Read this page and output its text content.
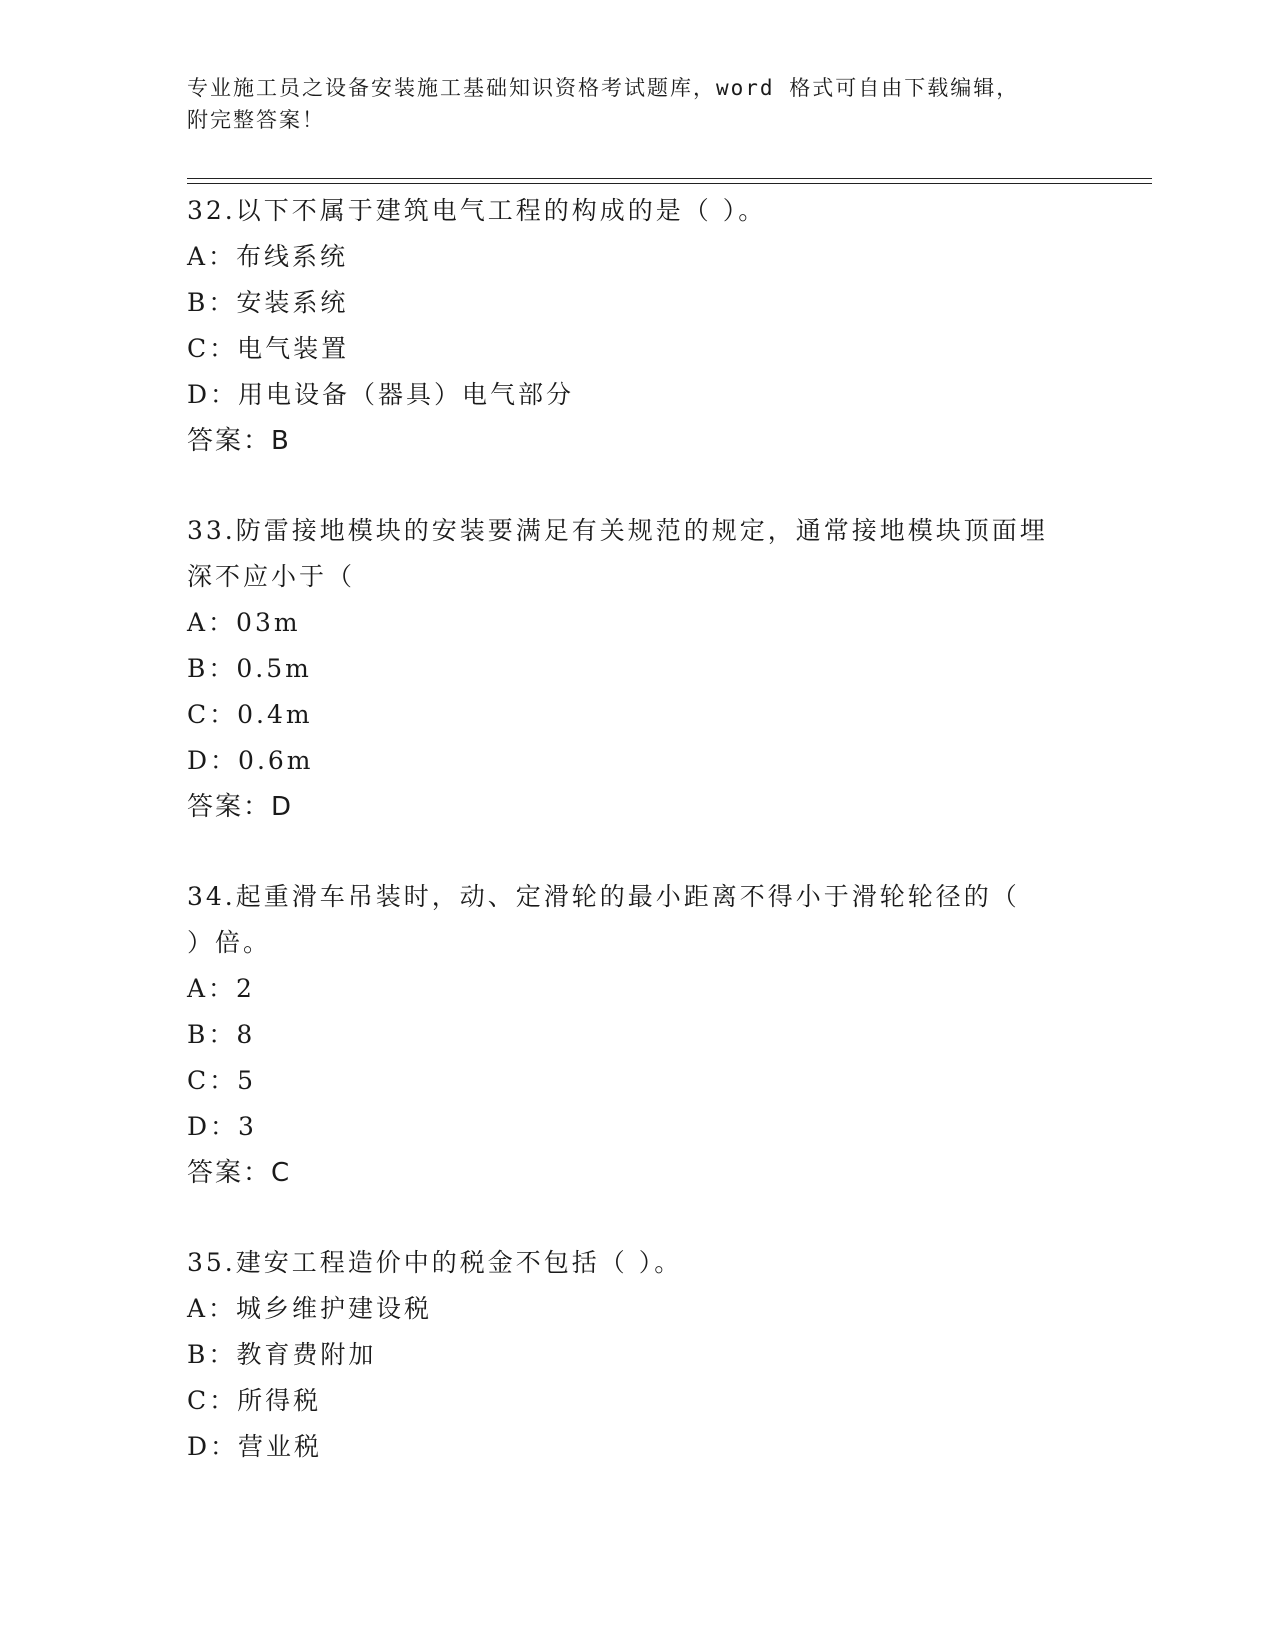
专业施工员之设备安装施工基础知识资格考试题库，word 格式可自由下载编辑，
附完整答案！
32.以下不属于建筑电气工程的构成的是（ ）。
A：布线系统
B：安装系统
C：电气装置
D：用电设备（器具）电气部分
答案：B
33.防雷接地模块的安装要满足有关规范的规定，通常接地模块顶面埋
深不应小于（
A：03m
B：0.5m
C：0.4m
D：0.6m
答案：D
34.起重滑车吊装时，动、定滑轮的最小距离不得小于滑轮轮径的（
）倍。
A：2
B：8
C：5
D：3
答案：C
35.建安工程造价中的税金不包括（ ）。
A：城乡维护建设税
B：教育费附加
C：所得税
D：营业税
